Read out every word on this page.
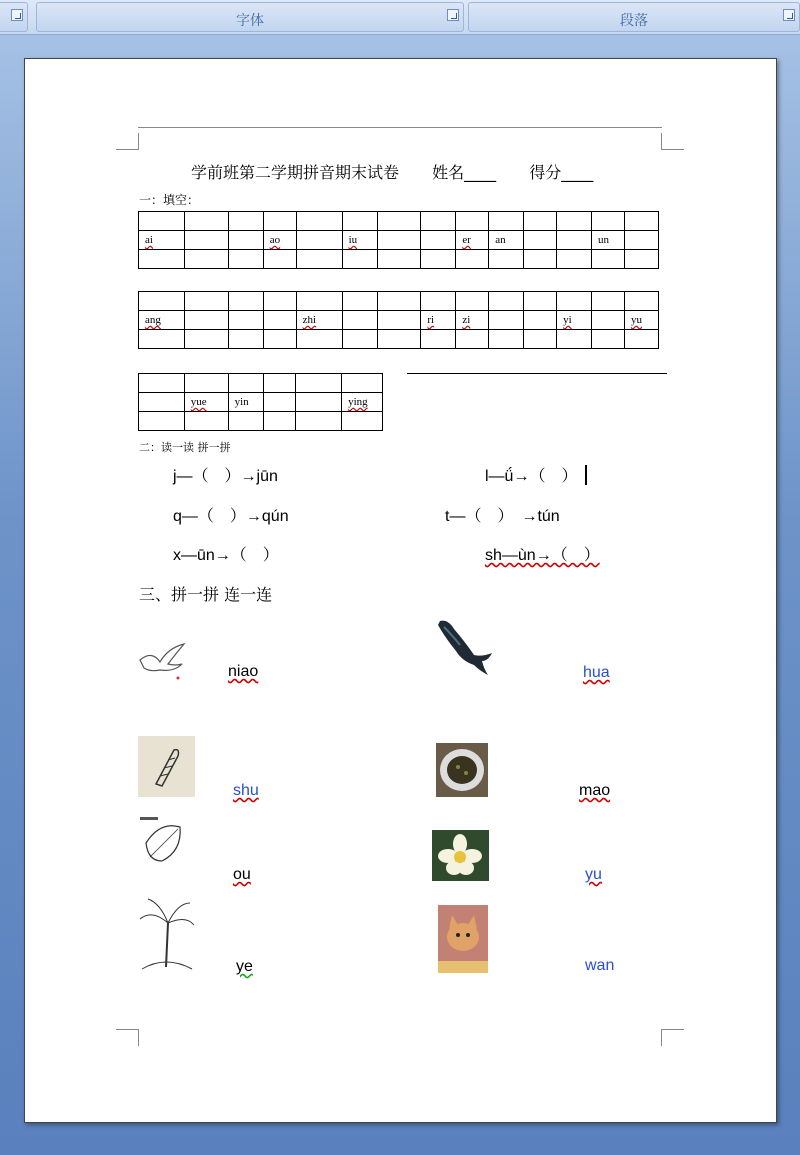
字体	段落
学前班第二学期拼音期末试卷 姓名____ 得分____
一：填空：

ai			ao		iu			er	an			un	

ang				zhi			ri	zi			yi		yu

	yue	yin			ying

二：读一读 拼一拼
j—（　）→jūn	l—ǘ→（　）
q—（　）→qún	t—（　）　→tún
x—ūn→（　）	sh—ùn→（　）
三、拼一拼 连一连
niao	hua
shu	mao
ou	yu
ye	wan
